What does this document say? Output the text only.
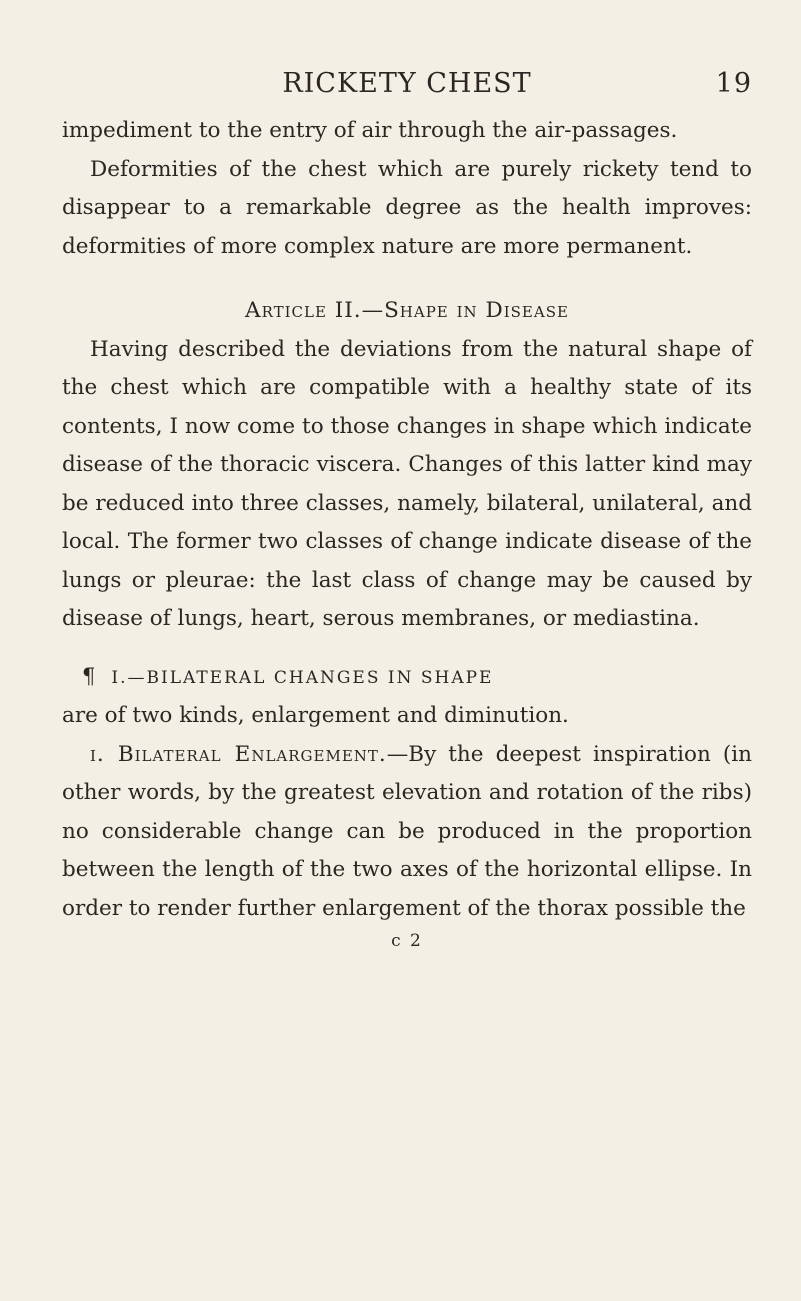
RICKETY CHEST	19

impediment to the entry of air through the air-passages.

Deformities of the chest which are purely rickety tend to disappear to a remarkable degree as the health improves: deformities of more complex nature are more permanent.

Article II.—Shape in Disease

Having described the deviations from the natural shape of the chest which are compatible with a healthy state of its contents, I now come to those changes in shape which indicate disease of the thoracic viscera. Changes of this latter kind may be reduced into three classes, namely, bilateral, unilateral, and local. The former two classes of change indicate disease of the lungs or pleurae: the last class of change may be caused by disease of lungs, heart, serous membranes, or mediastina.

¶ I.—BILATERAL CHANGES IN SHAPE

are of two kinds, enlargement and diminution.

i. Bilateral Enlargement.—By the deepest inspiration (in other words, by the greatest elevation and rotation of the ribs) no considerable change can be produced in the proportion between the length of the two axes of the horizontal ellipse. In order to render further enlargement of the thorax possible the

c 2
